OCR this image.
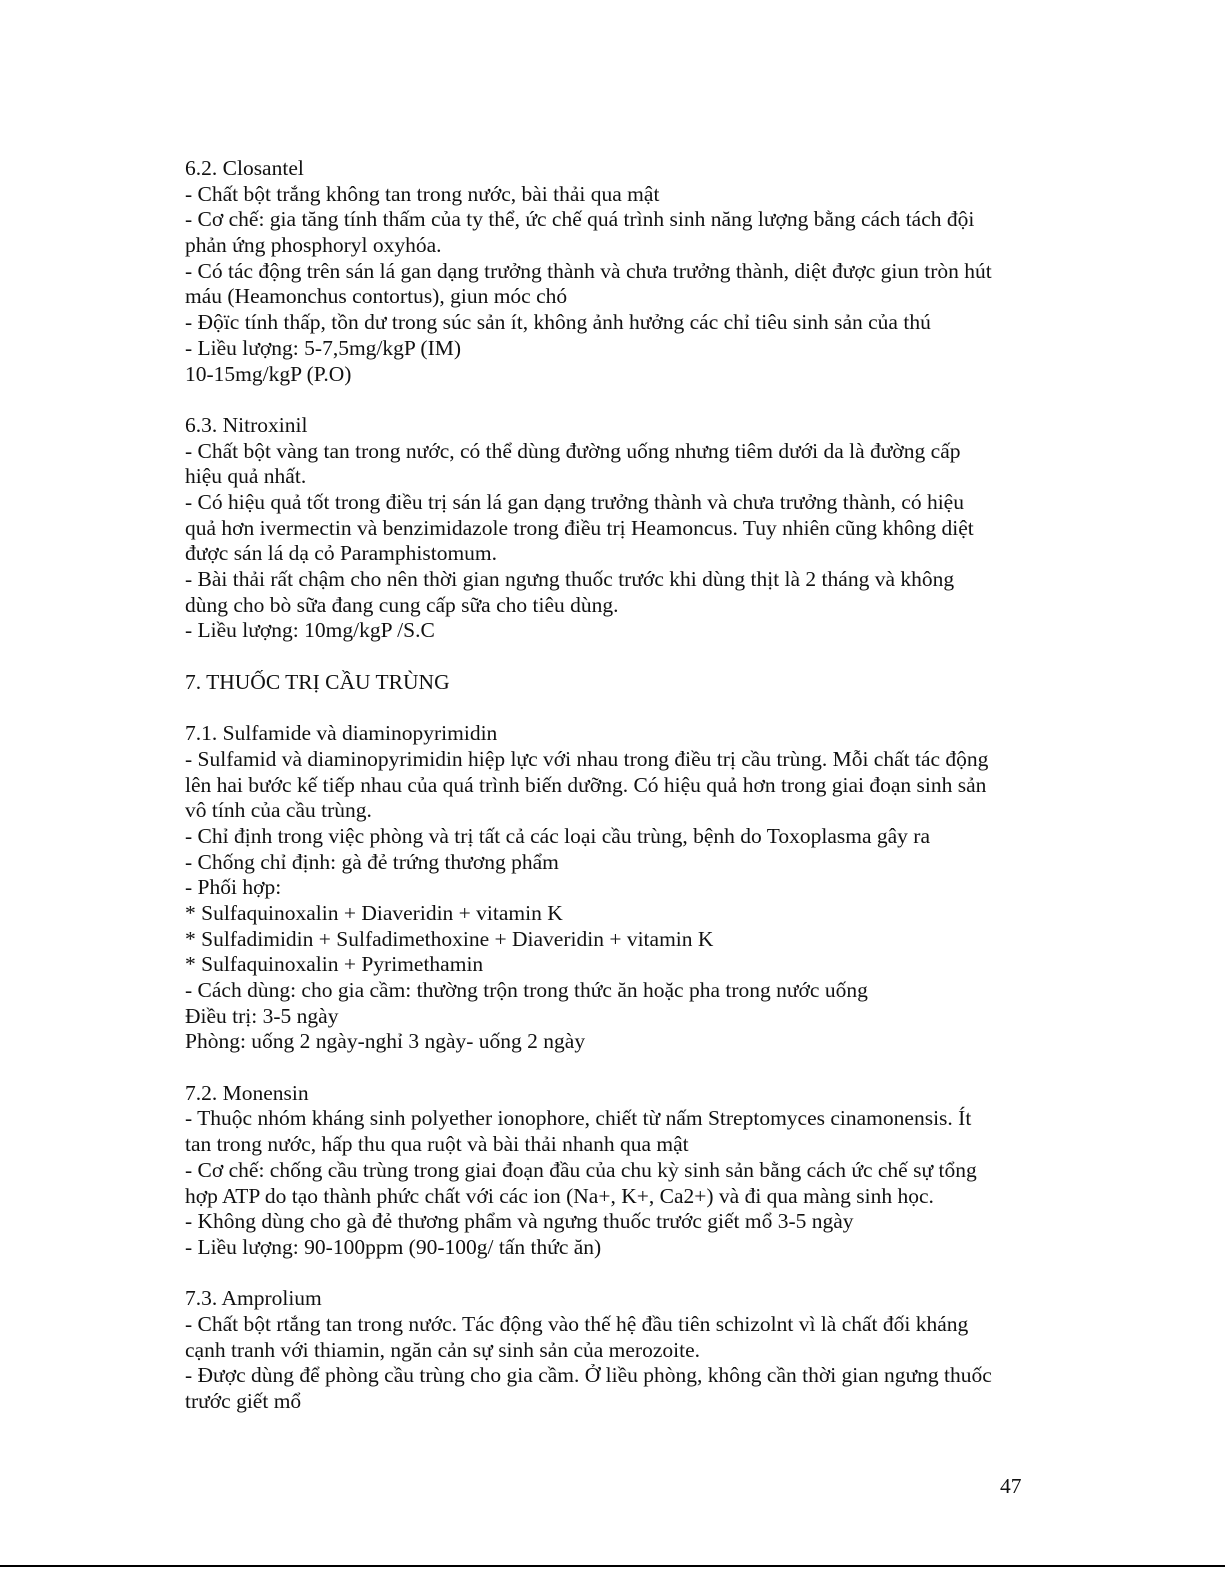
6.2. Closantel
- Chất bột trắng không tan trong nước, bài thải qua mật
- Cơ chế: gia tăng tính thấm của ty thể, ức chế quá trình sinh năng lượng bằng cách tách đội
phản ứng phosphoryl oxyhóa.
- Có tác động trên sán lá gan dạng trưởng thành và chưa trưởng thành, diệt được giun tròn hút
máu (Heamonchus contortus), giun móc chó
- Độïc tính thấp, tồn dư trong súc sản ít, không ảnh hưởng các chỉ tiêu sinh sản của thú
- Liều lượng: 5-7,5mg/kgP (IM)
10-15mg/kgP (P.O)
6.3. Nitroxinil
- Chất bột vàng tan trong nước, có thể dùng đường uống nhưng tiêm dưới da là đường cấp
hiệu quả nhất.
- Có hiệu quả tốt trong điều trị sán lá gan dạng trưởng thành và chưa trưởng thành, có hiệu
quả hơn ivermectin và benzimidazole trong điều trị Heamoncus. Tuy nhiên cũng không diệt
được sán lá dạ cỏ Paramphistomum.
- Bài thải rất chậm cho nên thời gian ngưng thuốc trước khi dùng thịt là 2 tháng và không
dùng cho bò sữa đang cung cấp sữa cho tiêu dùng.
- Liều lượng: 10mg/kgP /S.C
7. THUỐC TRỊ CẦU TRÙNG
7.1. Sulfamide và diaminopyrimidin
- Sulfamid và diaminopyrimidin hiệp lực với nhau trong điều trị cầu trùng. Mỗi chất tác động
lên hai bước kế tiếp nhau của quá trình biến dưỡng. Có hiệu quả hơn trong giai đoạn sinh sản
vô tính của cầu trùng.
- Chỉ định trong việc phòng và trị tất cả các loại cầu trùng, bệnh do Toxoplasma gây ra
- Chống chỉ định: gà đẻ trứng thương phẩm
- Phối hợp:
* Sulfaquinoxalin + Diaveridin + vitamin K
* Sulfadimidin + Sulfadimethoxine + Diaveridin + vitamin K
* Sulfaquinoxalin + Pyrimethamin
- Cách dùng: cho gia cầm: thường trộn trong thức ăn hoặc pha trong nước uống
Điều trị: 3-5 ngày
Phòng: uống 2 ngày-nghỉ 3 ngày- uống 2 ngày
7.2. Monensin
- Thuộc nhóm kháng sinh polyether ionophore, chiết từ nấm Streptomyces cinamonensis. Ít
tan trong nước, hấp thu qua ruột và bài thải nhanh qua mật
- Cơ chế: chống cầu trùng trong giai đoạn đầu của chu kỳ sinh sản bằng cách ức chế sự tổng
hợp ATP do tạo thành phức chất với các ion (Na+, K+, Ca2+) và đi qua màng sinh học.
- Không dùng cho gà đẻ thương phẩm và ngưng thuốc trước giết mổ 3-5 ngày
- Liều lượng: 90-100ppm (90-100g/ tấn thức ăn)
7.3. Amprolium
- Chất bột rtắng tan trong nước. Tác động vào thế hệ đầu tiên schizolnt vì là chất đối kháng
cạnh tranh với thiamin, ngăn cản sự sinh sản của merozoite.
- Được dùng để phòng cầu trùng cho gia cầm. Ở liều phòng, không cần thời gian ngưng thuốc
trước giết mổ
47
